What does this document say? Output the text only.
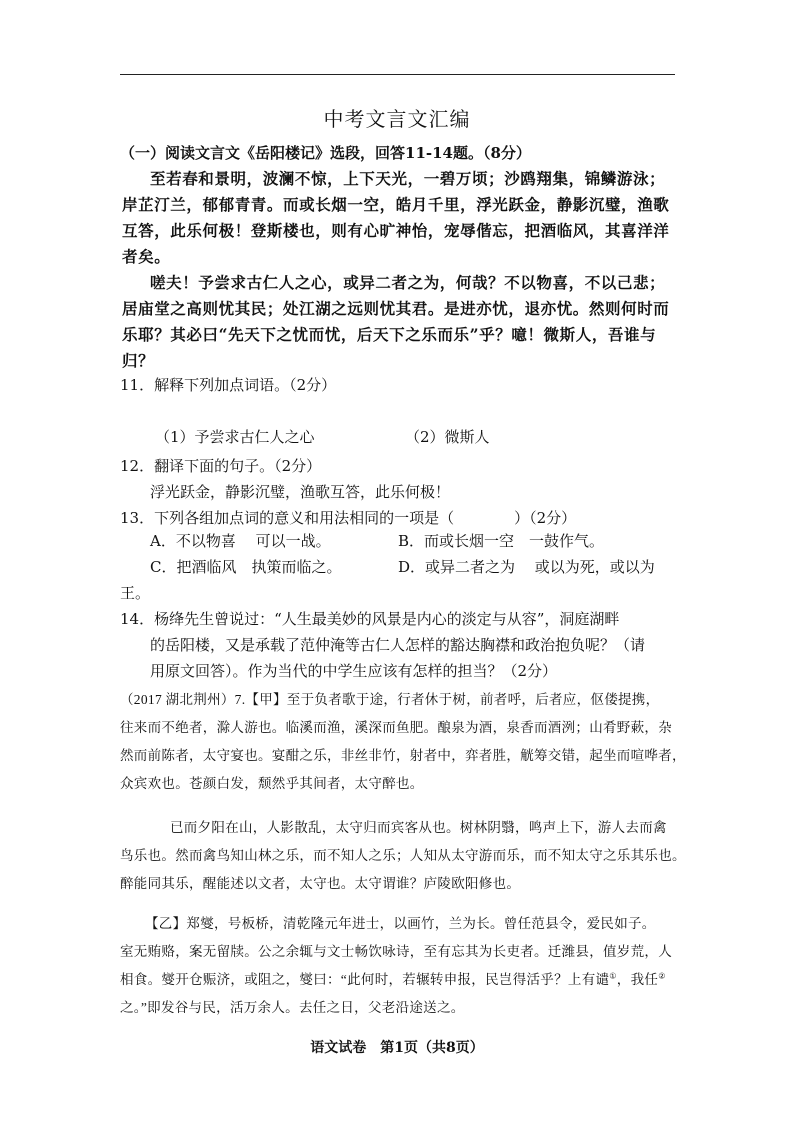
中考文言文汇编
（一）阅读文言文《岳阳楼记》选段，回答11-14题。（8分）
至若春和景明，波澜不惊，上下天光，一碧万顷；沙鸥翔集，锦鳞游泳；
岸芷汀兰，郁郁青青。而或长烟一空，皓月千里，浮光跃金，静影沉璧，渔歌
互答，此乐何极！登斯楼也，则有心旷神怡，宠辱偕忘，把酒临风，其喜洋洋
者矣。
嗟夫！予尝求古仁人之心，或异二者之为，何哉？不以物喜，不以己悲；
居庙堂之高则忧其民；处江湖之远则忧其君。是进亦忧，退亦忧。然则何时而
乐耶？其必曰“先天下之忧而忧，后天下之乐而乐”乎？噫！微斯人，吾谁与
归？
11．解释下列加点词语。（2分）
（1）予尝求古仁人之心	（2）微斯人
12．翻译下面的句子。（2分）
浮光跃金，静影沉璧，渔歌互答，此乐何极！
13．下列各组加点词的意义和用法相同的一项是（	）（2分）
A．不以物喜　 可以一战。	B．而或长烟一空　一鼓作气。
C．把酒临风　执策而临之。	D．或异二者之为　 或以为死，或以为
王。
14．杨绛先生曾说过：“人生最美妙的风景是内心的淡定与从容”，洞庭湖畔
的岳阳楼，又是承载了范仲淹等古仁人怎样的豁达胸襟和政治抱负呢？（请
用原文回答）。作为当代的中学生应该有怎样的担当？（2分）
（2017 湖北荆州）7.【甲】至于负者歌于途，行者休于树，前者呼，后者应，伛偻提携，
往来而不绝者，滁人游也。临溪而渔，溪深而鱼肥。酿泉为酒，泉香而酒洌；山肴野蔌，杂
然而前陈者，太守宴也。宴酣之乐，非丝非竹，射者中，弈者胜，觥筹交错，起坐而喧哗者，
众宾欢也。苍颜白发，颓然乎其间者，太守醉也。
已而夕阳在山，人影散乱，太守归而宾客从也。树林阴翳，鸣声上下，游人去而禽
鸟乐也。然而禽鸟知山林之乐，而不知人之乐；人知从太守游而乐，而不知太守之乐其乐也。
醉能同其乐，醒能述以文者，太守也。太守谓谁？庐陵欧阳修也。
【乙】郑燮，号板桥，清乾隆元年进士，以画竹，兰为长。曾任范县令，爱民如子。
室无贿赂，案无留牍。公之余辄与文士畅饮咏诗，至有忘其为长吏者。迁潍县，值岁荒，人
相食。燮开仓赈济，或阻之，燮曰：“此何时，若辗转申报，民岂得活乎？上有谴①，我任②
之。”即发谷与民，活万余人。去任之日，父老沿途送之。
语文试卷　第1页（共8页）
